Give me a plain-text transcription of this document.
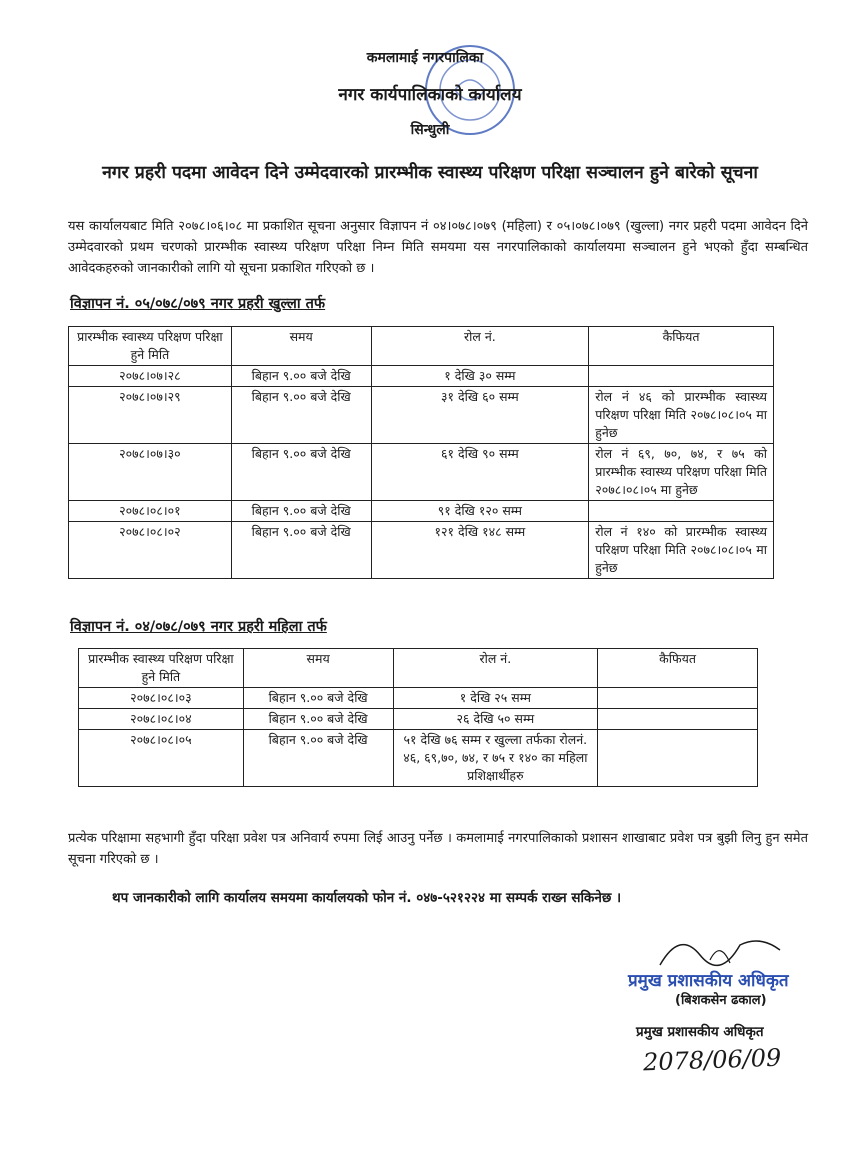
कमलामाई नगरपालिका
नगर कार्यपालिकाको कार्यालय
सिन्धुली
नगर प्रहरी पदमा आवेदन दिने उम्मेदवारको प्रारम्भीक स्वास्थ्य परिक्षण परिक्षा सञ्चालन हुने बारेको सूचना
यस कार्यालयबाट मिति २०७८।०६।०८ मा प्रकाशित सूचना अनुसार विज्ञापन नं ०४।०७८।०७९ (महिला) र ०५।०७८।०७९ (खुल्ला) नगर प्रहरी पदमा आवेदन दिने उम्मेदवारको प्रथम चरणको प्रारम्भीक स्वास्थ्य परिक्षण परिक्षा निम्न मिति समयमा यस नगरपालिकाको कार्यालयमा सञ्चालन हुने भएको हुँदा सम्बन्धित आवेदकहरुको जानकारीको लागि यो सूचना प्रकाशित गरिएको छ ।
विज्ञापन नं. ०५/०७८/०७९ नगर प्रहरी खुल्ला तर्फ
प्रारम्भीक स्वास्थ्य परिक्षण परिक्षा हुने मिति	समय	रोल नं.	कैफियत
२०७८।०७।२८	बिहान ९.०० बजे देखि	१ देखि ३० सम्म	
२०७८।०७।२९	बिहान ९.०० बजे देखि	३१ देखि ६० सम्म	रोल नं ४६ को प्रारम्भीक स्वास्थ्य परिक्षण परिक्षा मिति २०७८।०८।०५ मा हुनेछ
२०७८।०७।३०	बिहान ९.०० बजे देखि	६१ देखि ९० सम्म	रोल नं ६९, ७०, ७४, र ७५ को प्रारम्भीक स्वास्थ्य परिक्षण परिक्षा मिति २०७८।०८।०५ मा हुनेछ
२०७८।०८।०१	बिहान ९.०० बजे देखि	९१ देखि १२० सम्म	
२०७८।०८।०२	बिहान ९.०० बजे देखि	१२१ देखि १४८ सम्म	रोल नं १४० को प्रारम्भीक स्वास्थ्य परिक्षण परिक्षा मिति २०७८।०८।०५ मा हुनेछ
विज्ञापन नं. ०४/०७८/०७९ नगर प्रहरी महिला तर्फ
प्रारम्भीक स्वास्थ्य परिक्षण परिक्षा हुने मिति	समय	रोल नं.	कैफियत
२०७८।०८।०३	बिहान ९.०० बजे देखि	१ देखि २५ सम्म	
२०७८।०८।०४	बिहान ९.०० बजे देखि	२६ देखि ५० सम्म	
२०७८।०८।०५	बिहान ९.०० बजे देखि	५१ देखि ७६ सम्म र खुल्ला तर्फका रोलनं. ४६, ६९,७०, ७४, र ७५ र १४० का महिला प्रशिक्षार्थीहरु	
प्रत्येक परिक्षामा सहभागी हुँदा परिक्षा प्रवेश पत्र अनिवार्य रुपमा लिई आउनु पर्नेछ । कमलामाई नगरपालिकाको प्रशासन शाखाबाट प्रवेश पत्र बुझी लिनु हुन समेत सूचना गरिएको छ ।
थप जानकारीको लागि कार्यालय समयमा कार्यालयको फोन नं. ०४७-५२१२२४ मा सम्पर्क राख्न सकिनेछ ।
प्रमुख प्रशासकीय अधिकृत
(बिशकसेन ढकाल)
प्रमुख प्रशासकीय अधिकृत
2078/06/09
